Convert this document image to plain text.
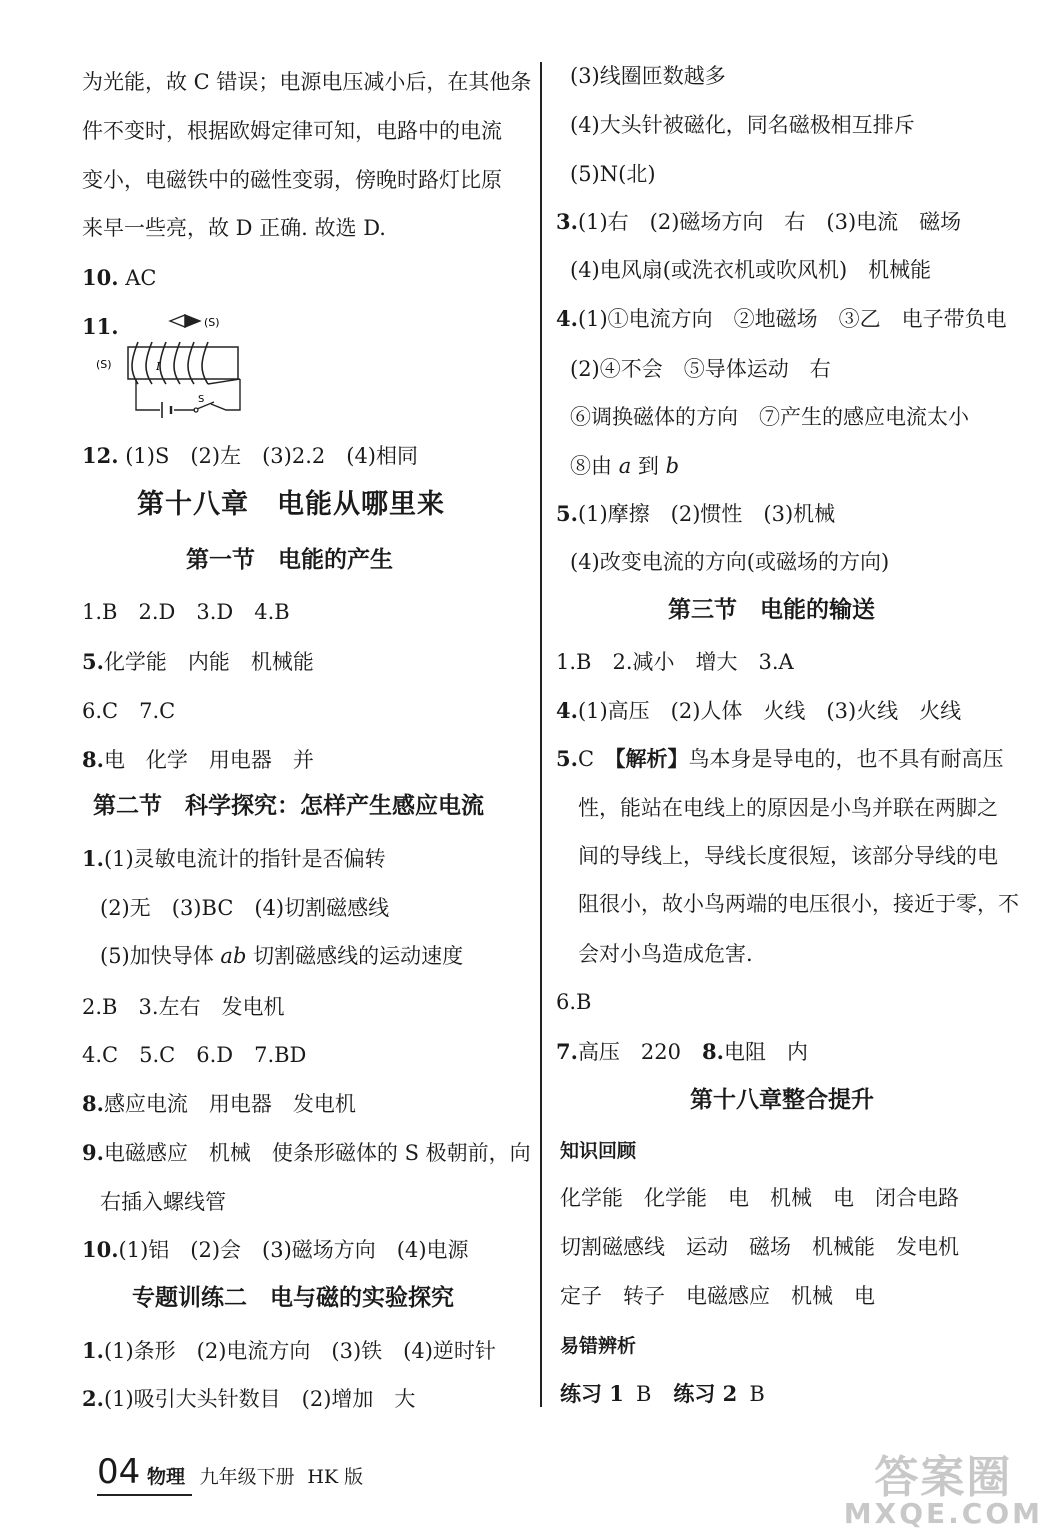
为光能，故 C 错误；电源电压减小后，在其他条
件不变时，根据欧姆定律可知，电路中的电流
变小，电磁铁中的磁性变弱，傍晚时路灯比原
来早一些亮，故 D 正确. 故选 D.
10. AC
11.	(S)
(S)	I
S
12. (1)S　(2)左　(3)2.2　(4)相同
第十八章　电能从哪里来
第一节　电能的产生
1.B　2.D　3.D　4.B
5.化学能　内能　机械能
6.C　7.C
8.电　化学　用电器　并
第二节　科学探究：怎样产生感应电流
1.(1)灵敏电流计的指针是否偏转
(2)无　(3)BC　(4)切割磁感线
(5)加快导体 ab 切割磁感线的运动速度
2.B　3.左右　发电机
4.C　5.C　6.D　7.BD
8.感应电流　用电器　发电机
9.电磁感应　机械　使条形磁体的 S 极朝前，向
右插入螺线管
10.(1)铝　(2)会　(3)磁场方向　(4)电源
专题训练二　电与磁的实验探究
1.(1)条形　(2)电流方向　(3)铁　(4)逆时针
2.(1)吸引大头针数目　(2)增加　大
(3)线圈匝数越多
(4)大头针被磁化，同名磁极相互排斥
(5)N(北)
3.(1)右　(2)磁场方向　右　(3)电流　磁场
(4)电风扇(或洗衣机或吹风机)　机械能
4.(1)①电流方向　②地磁场　③乙　电子带负电
(2)④不会　⑤导体运动　右
⑥调换磁体的方向　⑦产生的感应电流太小
⑧由 a 到 b
5.(1)摩擦　(2)惯性　(3)机械
(4)改变电流的方向(或磁场的方向)
第三节　电能的输送
1.B　2.减小　增大　3.A
4.(1)高压　(2)人体　火线　(3)火线　火线
5.C　 【解析】鸟本身是导电的，也不具有耐高压
性，能站在电线上的原因是小鸟并联在两脚之
间的导线上，导线长度很短，该部分导线的电
阻很小，故小鸟两端的电压很小，接近于零，不
会对小鸟造成危害.
6.B
7.高压　220　8.电阻　内
第十八章整合提升
知识回顾
化学能　化学能　电　机械　电　闭合电路
切割磁感线　运动　磁场　机械能　发电机
定子　转子　电磁感应　机械　电
易错辨析
练习 1 B 练习 2 B
04 物理 九年级下册 HK 版	答案圈
MXQE.COM
